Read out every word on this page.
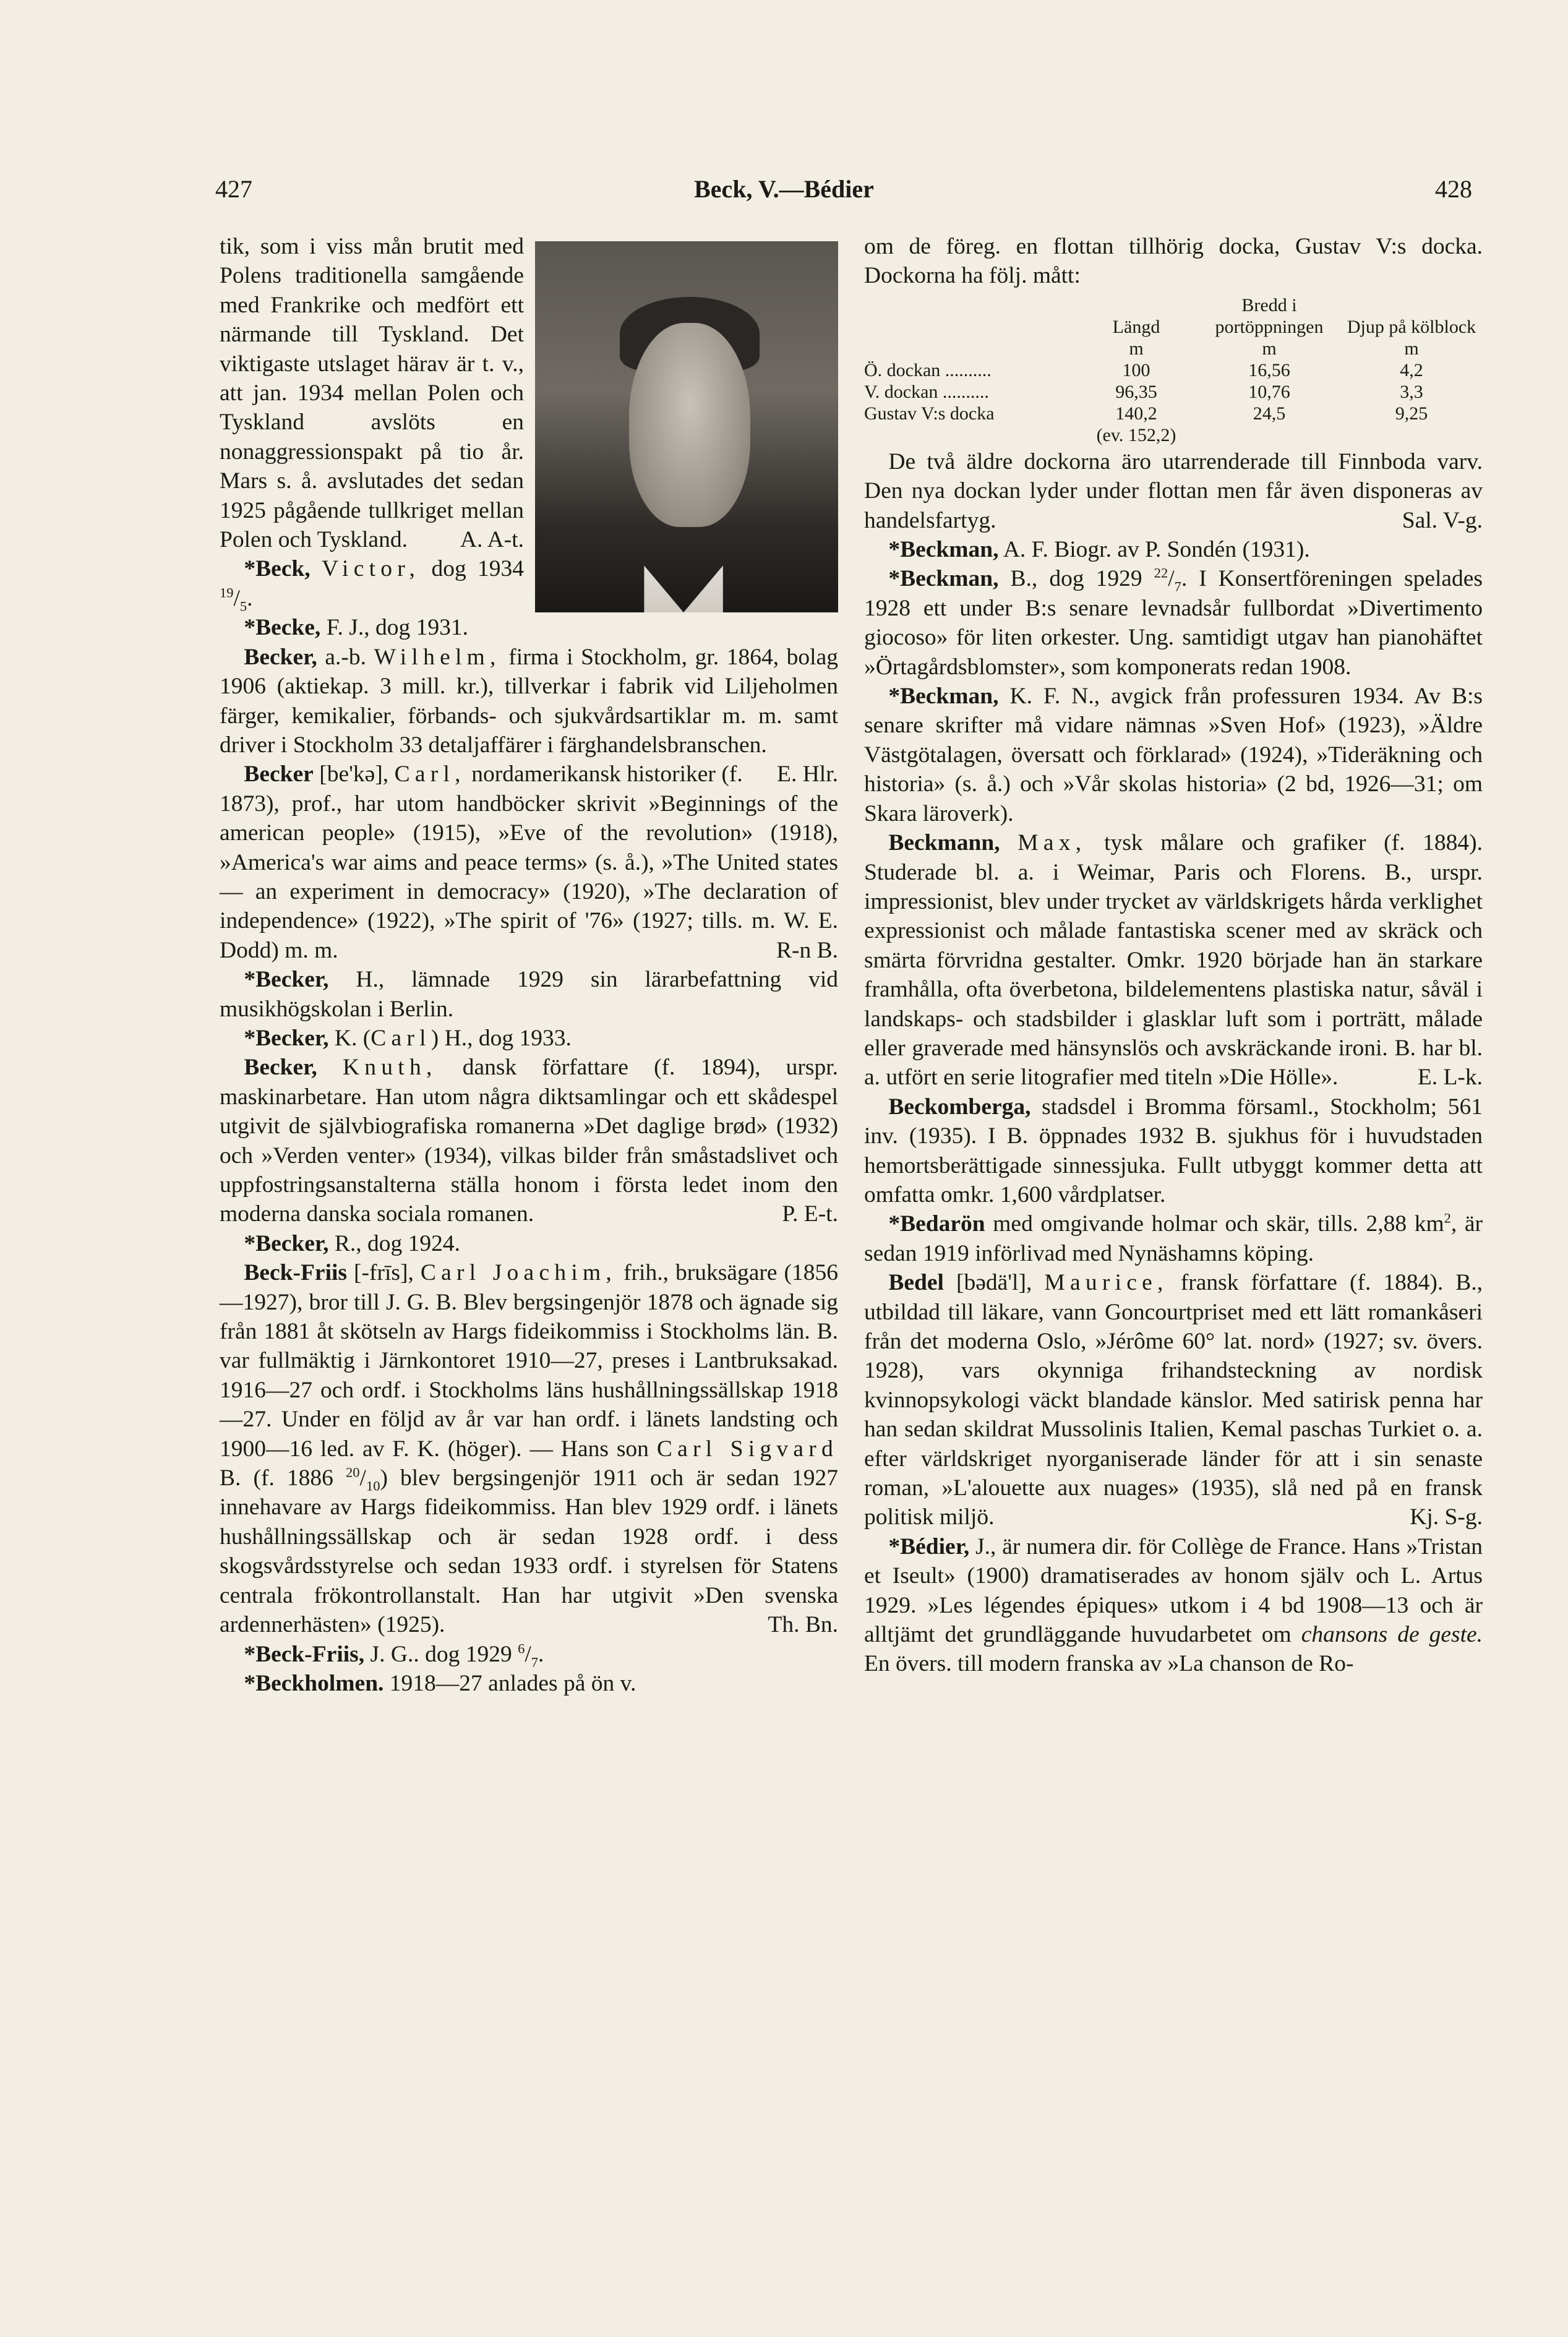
427	Beck, V.—Bédier	428

tik, som i viss mån brutit med Polens traditionella samgående med Frankrike och medfört ett närmande till Tyskland. Det viktigaste utslaget härav är t. v., att jan. 1934 mellan Polen och Tyskland avslöts en nonaggressionspakt på tio år. Mars s. å. avslutades det sedan 1925 pågående tullkriget mellan Polen och Tyskland. A. A-t.

*Beck, Victor, dog 1934 $^{19}/_5$.

*Becke, F. J., dog 1931.

Becker, a.-b. Wilhelm, firma i Stockholm, gr. 1864, bolag 1906 (aktiekap. 3 mill. kr.), tillverkar i fabrik vid Liljeholmen färger, kemikalier, förbands- och sjukvårdsartiklar m. m. samt driver i Stockholm 33 detaljaffärer i färghandelsbranschen.
E. Hlr.

Becker [be'kə], Carl, nordamerikansk historiker (f. 1873), prof., har utom handböcker skrivit »Beginnings of the american people» (1915), »Eve of the revolution» (1918), »America's war aims and peace terms» (s. å.), »The United states — an experiment in democracy» (1920), »The declaration of independence» (1922), »The spirit of '76» (1927; tills. m. W. E. Dodd) m. m.	R-n B.

*Becker, H., lämnade 1929 sin lärarbefattning vid musikhögskolan i Berlin.

*Becker, K. (Carl) H., dog 1933.

Becker, Knuth, dansk författare (f. 1894), urspr. maskinarbetare. Han utom några diktsamlingar och ett skådespel utgivit de självbiografiska romanerna »Det daglige brød» (1932) och »Verden venter» (1934), vilkas bilder från småstadslivet och uppfostringsanstalterna ställa honom i första ledet inom den moderna danska sociala romanen.	P. E-t.

*Becker, R., dog 1924.

Beck-Friis [-frīs], Carl Joachim, frih., bruksägare (1856—1927), bror till J. G. B. Blev bergsingenjör 1878 och ägnade sig från 1881 åt skötseln av Hargs fideikommiss i Stockholms län. B. var fullmäktig i Järnkontoret 1910—27, preses i Lantbruksakad. 1916—27 och ordf. i Stockholms läns hushållningssällskap 1918—27. Under en följd av år var han ordf. i länets landsting och 1900—16 led. av F. K. (höger). — Hans son Carl Sigvard B. (f. 1886 $^{20}/_{10}$) blev bergsingenjör 1911 och är sedan 1927 innehavare av Hargs fideikommiss. Han blev 1929 ordf. i länets hushållningssällskap och är sedan 1928 ordf. i dess skogsvårdsstyrelse och sedan 1933 ordf. i styrelsen för Statens centrala frökontrollanstalt. Han har utgivit »Den svenska ardennerhästen» (1925).	Th. Bn.

*Beck-Friis, J. G.. dog 1929 $^6/_7$.

*Beckholmen. 1918—27 anlades på ön v.

om de föreg. en flottan tillhörig docka, Gustav V:s docka. Dockorna ha följ. mått:

	Längd	Bredd i portöppningen	Djup på kölblock
	m	m	m
Ö. dockan ..........	100	16,56	4,2
V. dockan ..........	96,35	10,76	3,3
Gustav V:s docka	140,2	24,5	9,25
	(ev. 152,2)		

De två äldre dockorna äro utarrenderade till Finnboda varv. Den nya dockan lyder under flottan men får även disponeras av handelsfartyg.	Sal. V-g.

*Beckman, A. F. Biogr. av P. Sondén (1931).

*Beckman, B., dog 1929 $^{22}/_7$. I Konsertföreningen spelades 1928 ett under B:s senare levnadsår fullbordat »Divertimento giocoso» för liten orkester. Ung. samtidigt utgav han pianohäftet »Örtagårdsblomster», som komponerats redan 1908.

*Beckman, K. F. N., avgick från professuren 1934. Av B:s senare skrifter må vidare nämnas »Sven Hof» (1923), »Äldre Västgötalagen, översatt och förklarad» (1924), »Tideräkning och historia» (s. å.) och »Vår skolas historia» (2 bd, 1926—31; om Skara läroverk).

Beckmann, Max, tysk målare och grafiker (f. 1884). Studerade bl. a. i Weimar, Paris och Florens. B., urspr. impressionist, blev under trycket av världskrigets hårda verklighet expressionist och målade fantastiska scener med av skräck och smärta förvridna gestalter. Omkr. 1920 började han än starkare framhålla, ofta överbetona, bildelementens plastiska natur, såväl i landskaps- och stadsbilder i glasklar luft som i porträtt, målade eller graverade med hänsynslös och avskräckande ironi. B. har bl. a. utfört en serie litografier med titeln »Die Hölle».	E. L-k.

Beckomberga, stadsdel i Bromma församl., Stockholm; 561 inv. (1935). I B. öppnades 1932 B. sjukhus för i huvudstaden hemortsberättigade sinnessjuka. Fullt utbyggt kommer detta att omfatta omkr. 1,600 vårdplatser.

*Bedarön med omgivande holmar och skär, tills. 2,88 $km^2$, är sedan 1919 införlivad med Nynäshamns köping.

Bedel [bədä'l], Maurice, fransk författare (f. 1884). B., utbildad till läkare, vann Goncourtpriset med ett lätt romankåseri från det moderna Oslo, »Jérôme 60° lat. nord» (1927; sv. övers. 1928), vars okynniga frihandsteckning av nordisk kvinnopsykologi väckt blandade känslor. Med satirisk penna har han sedan skildrat Mussolinis Italien, Kemal paschas Turkiet o. a. efter världskriget nyorganiserade länder för att i sin senaste roman, »L'alouette aux nuages» (1935), slå ned på en fransk politisk miljö.	Kj. S-g.

*Bédier, J., är numera dir. för Collège de France. Hans »Tristan et Iseult» (1900) dramatiserades av honom själv och L. Artus 1929. »Les légendes épiques» utkom i 4 bd 1908—13 och är alltjämt det grundläggande huvudarbetet om chansons de geste. En övers. till modern franska av »La chanson de Ro-
